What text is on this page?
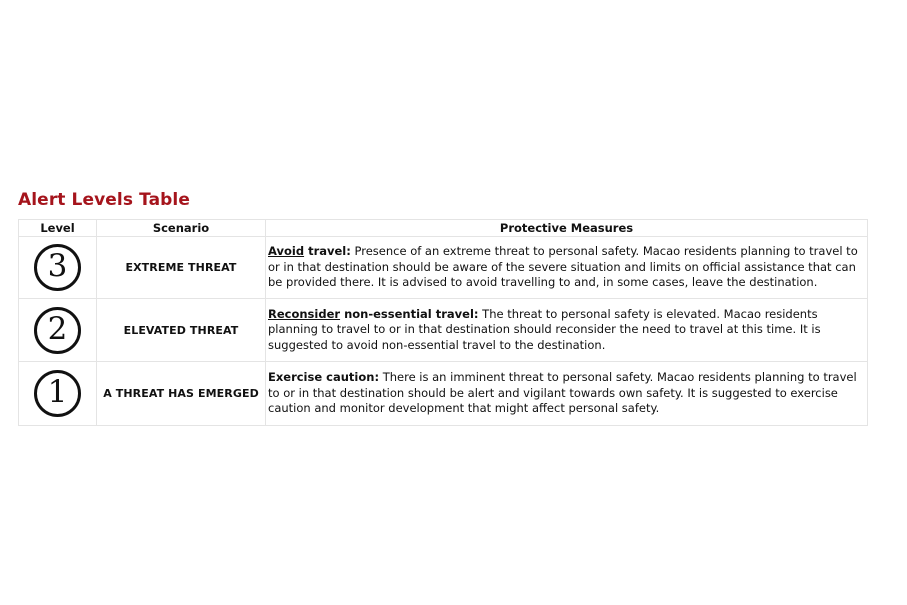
Alert Levels Table
Level	Scenario	Protective Measures
3	EXTREME THREAT	Avoid travel: Presence of an extreme threat to personal safety. Macao residents planning to travel to or in that destination should be aware of the severe situation and limits on official assistance that can be provided there. It is advised to avoid travelling to and, in some cases, leave the destination.
2	ELEVATED THREAT	Reconsider non-essential travel: The threat to personal safety is elevated. Macao residents planning to travel to or in that destination should reconsider the need to travel at this time. It is suggested to avoid non-essential travel to the destination.
1	A THREAT HAS EMERGED	Exercise caution: There is an imminent threat to personal safety. Macao residents planning to travel to or in that destination should be alert and vigilant towards own safety. It is suggested to exercise caution and monitor development that might affect personal safety.
